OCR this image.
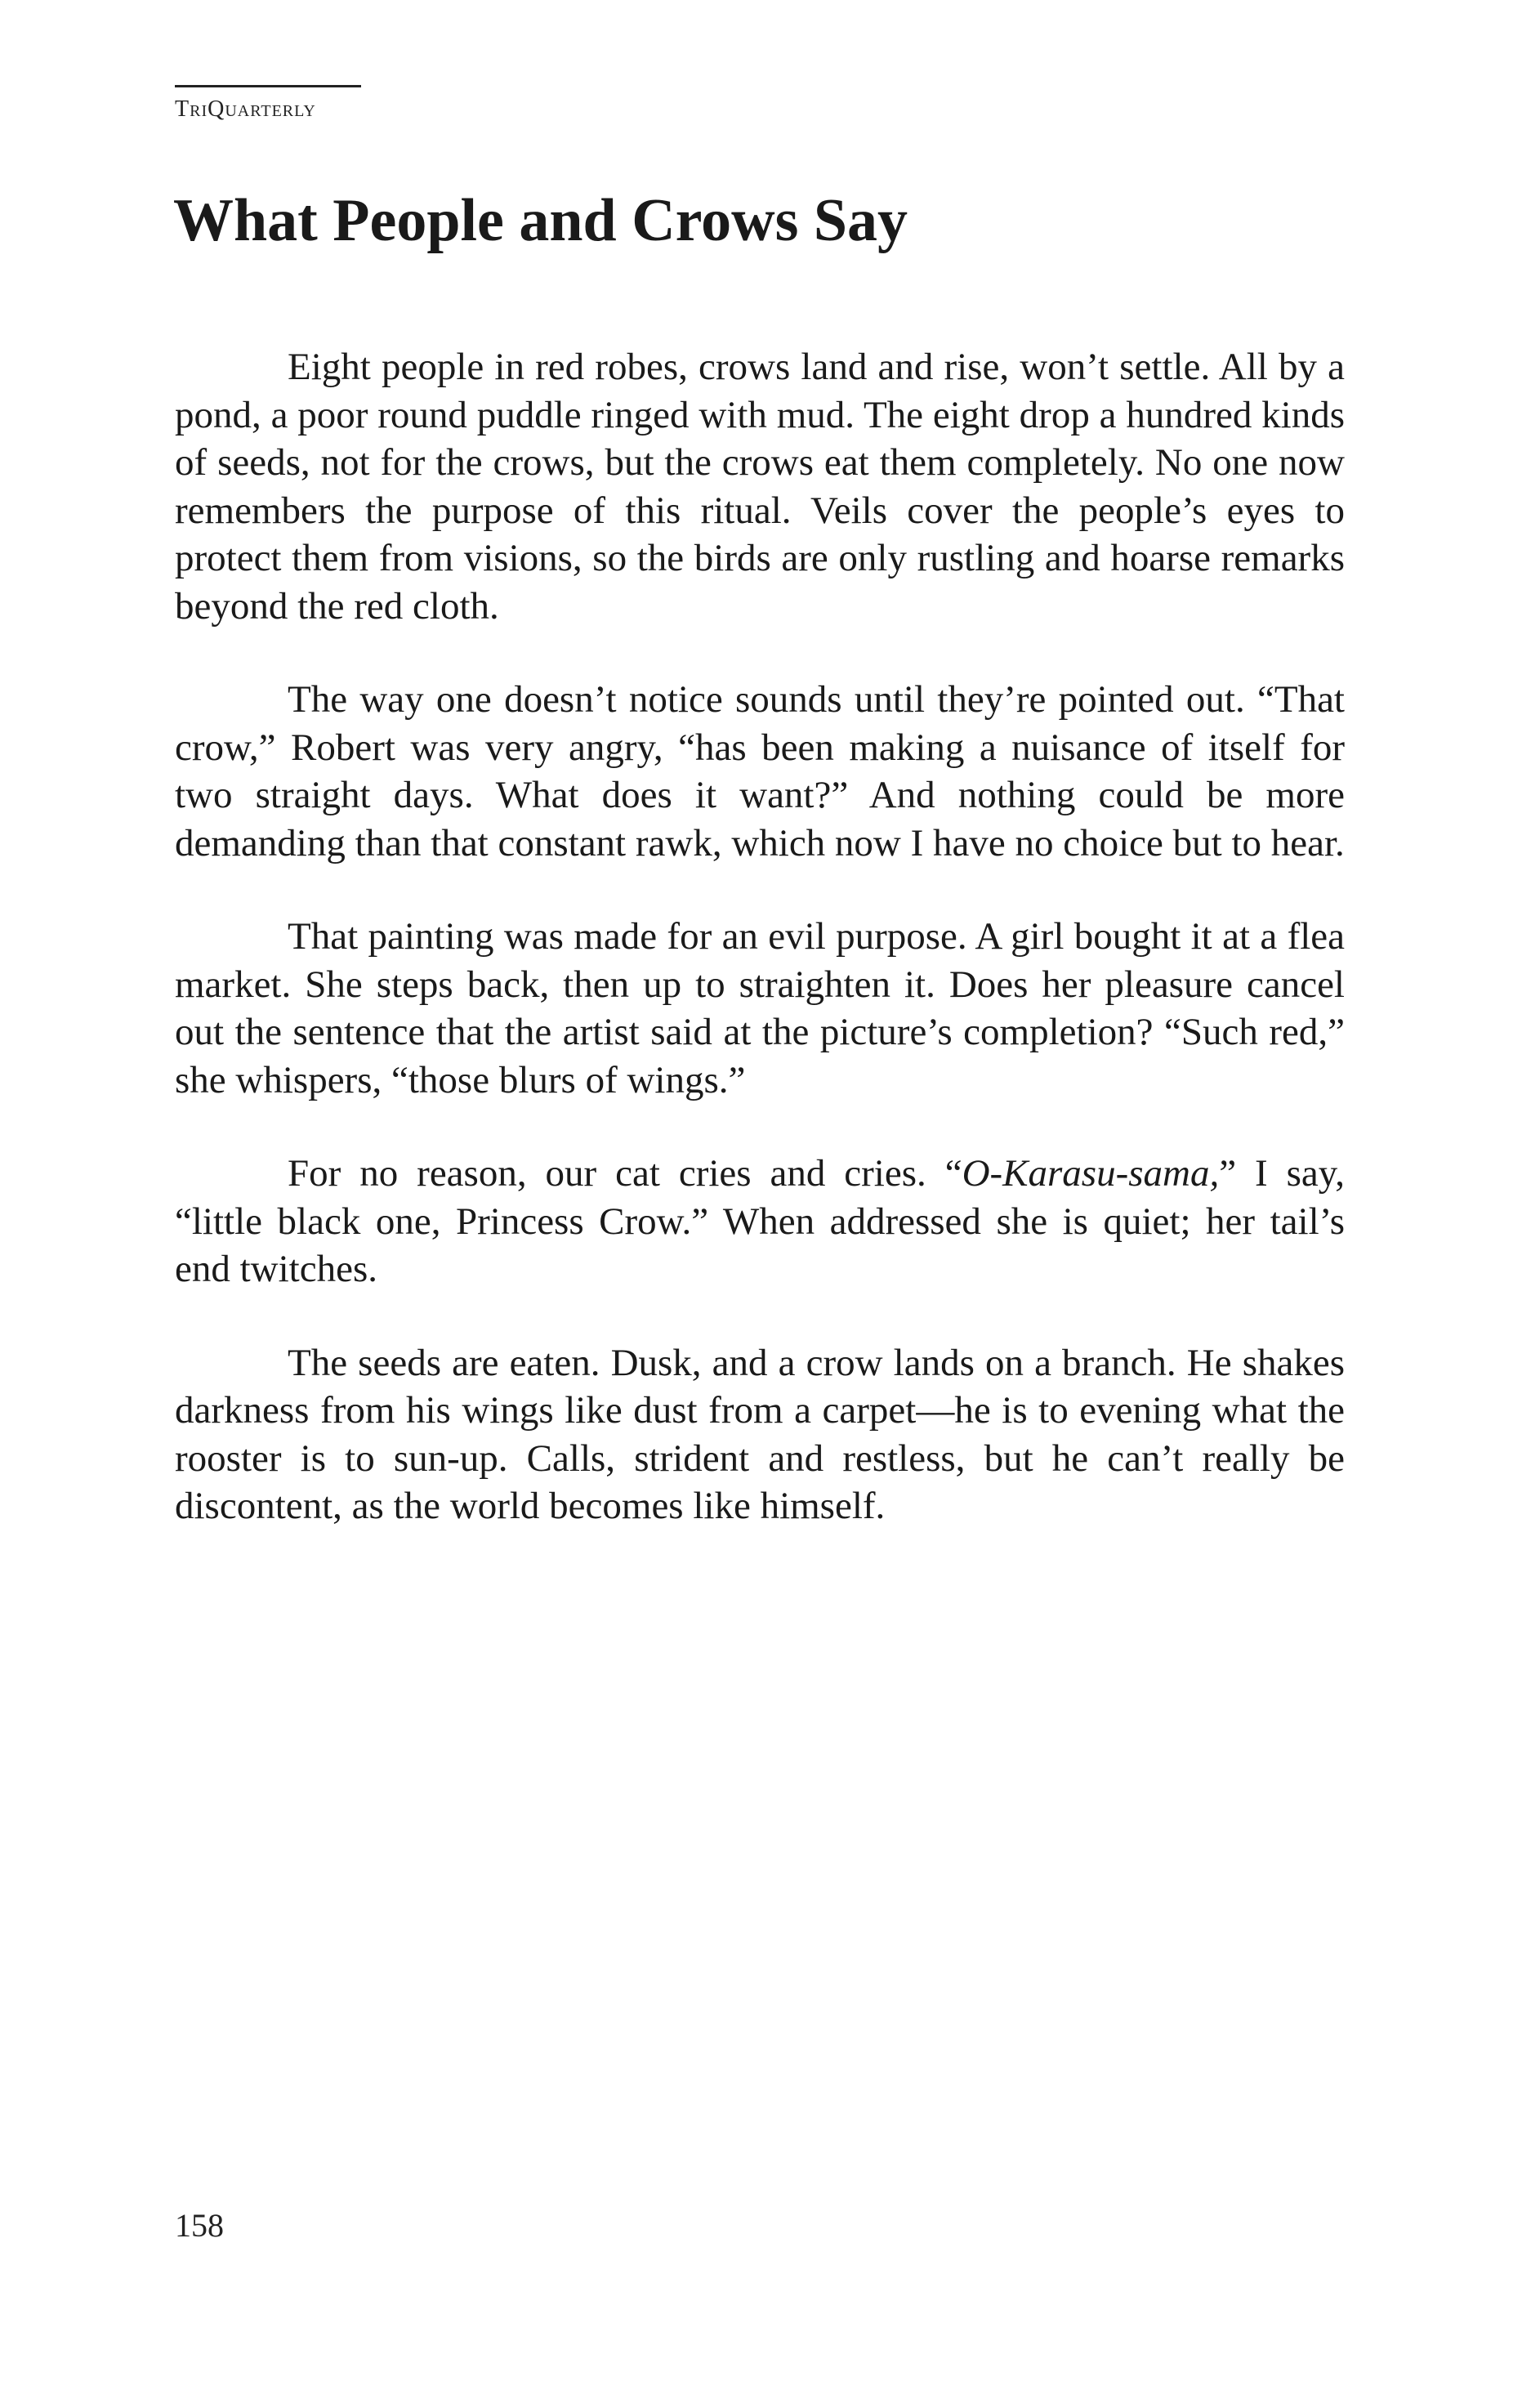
TriQuarterly
What People and Crows Say

Eight people in red robes, crows land and rise, won’t settle. All by a pond, a poor round puddle ringed with mud. The eight drop a hundred kinds of seeds, not for the crows, but the crows eat them completely. No one now remembers the purpose of this ritual. Veils cover the people’s eyes to protect them from visions, so the birds are only rustling and hoarse remarks beyond the red cloth.

The way one doesn’t notice sounds until they’re pointed out. “That crow,” Robert was very angry, “has been making a nuisance of itself for two straight days. What does it want?” And nothing could be more demanding than that constant rawk, which now I have no choice but to hear.

That painting was made for an evil purpose. A girl bought it at a flea market. She steps back, then up to straighten it. Does her pleasure cancel out the sentence that the artist said at the picture’s completion? “Such red,” she whispers, “those blurs of wings.”

For no reason, our cat cries and cries. “O-Karasu-sama,” I say, “little black one, Princess Crow.” When addressed she is quiet; her tail’s end twitches.

The seeds are eaten. Dusk, and a crow lands on a branch. He shakes darkness from his wings like dust from a carpet—he is to evening what the rooster is to sun-up. Calls, strident and restless, but he can’t really be discontent, as the world becomes like himself.

158
